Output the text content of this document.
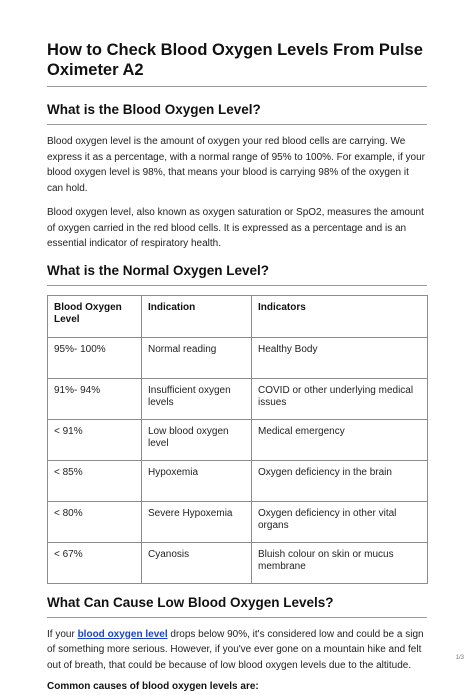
How to Check Blood Oxygen Levels From Pulse Oximeter A2
What is the Blood Oxygen Level?

Blood oxygen level is the amount of oxygen your red blood cells are carrying. We express it as a percentage, with a normal range of 95% to 100%. For example, if your blood oxygen level is 98%, that means your blood is carrying 98% of the oxygen it can hold.

Blood oxygen level, also known as oxygen saturation or SpO2, measures the amount of oxygen carried in the red blood cells. It is expressed as a percentage and is an essential indicator of respiratory health.

What is the Normal Oxygen Level?
Blood Oxygen Level	Indication	Indicators
95%- 100%	Normal reading	Healthy Body
91%- 94%	Insufficient oxygen levels	COVID or other underlying medical issues
< 91%	Low blood oxygen level	Medical emergency
< 85%	Hypoxemia	Oxygen deficiency in the brain
< 80%	Severe Hypoxemia	Oxygen deficiency in other vital organs
< 67%	Cyanosis	Bluish colour on skin or mucus membrane
What Can Cause Low Blood Oxygen Levels?

If your blood oxygen level drops below 90%, it's considered low and could be a sign of something more serious. However, if you've ever gone on a mountain hike and felt out of breath, that could be because of low blood oxygen levels due to the altitude.

Common causes of blood oxygen levels are:

1/3
